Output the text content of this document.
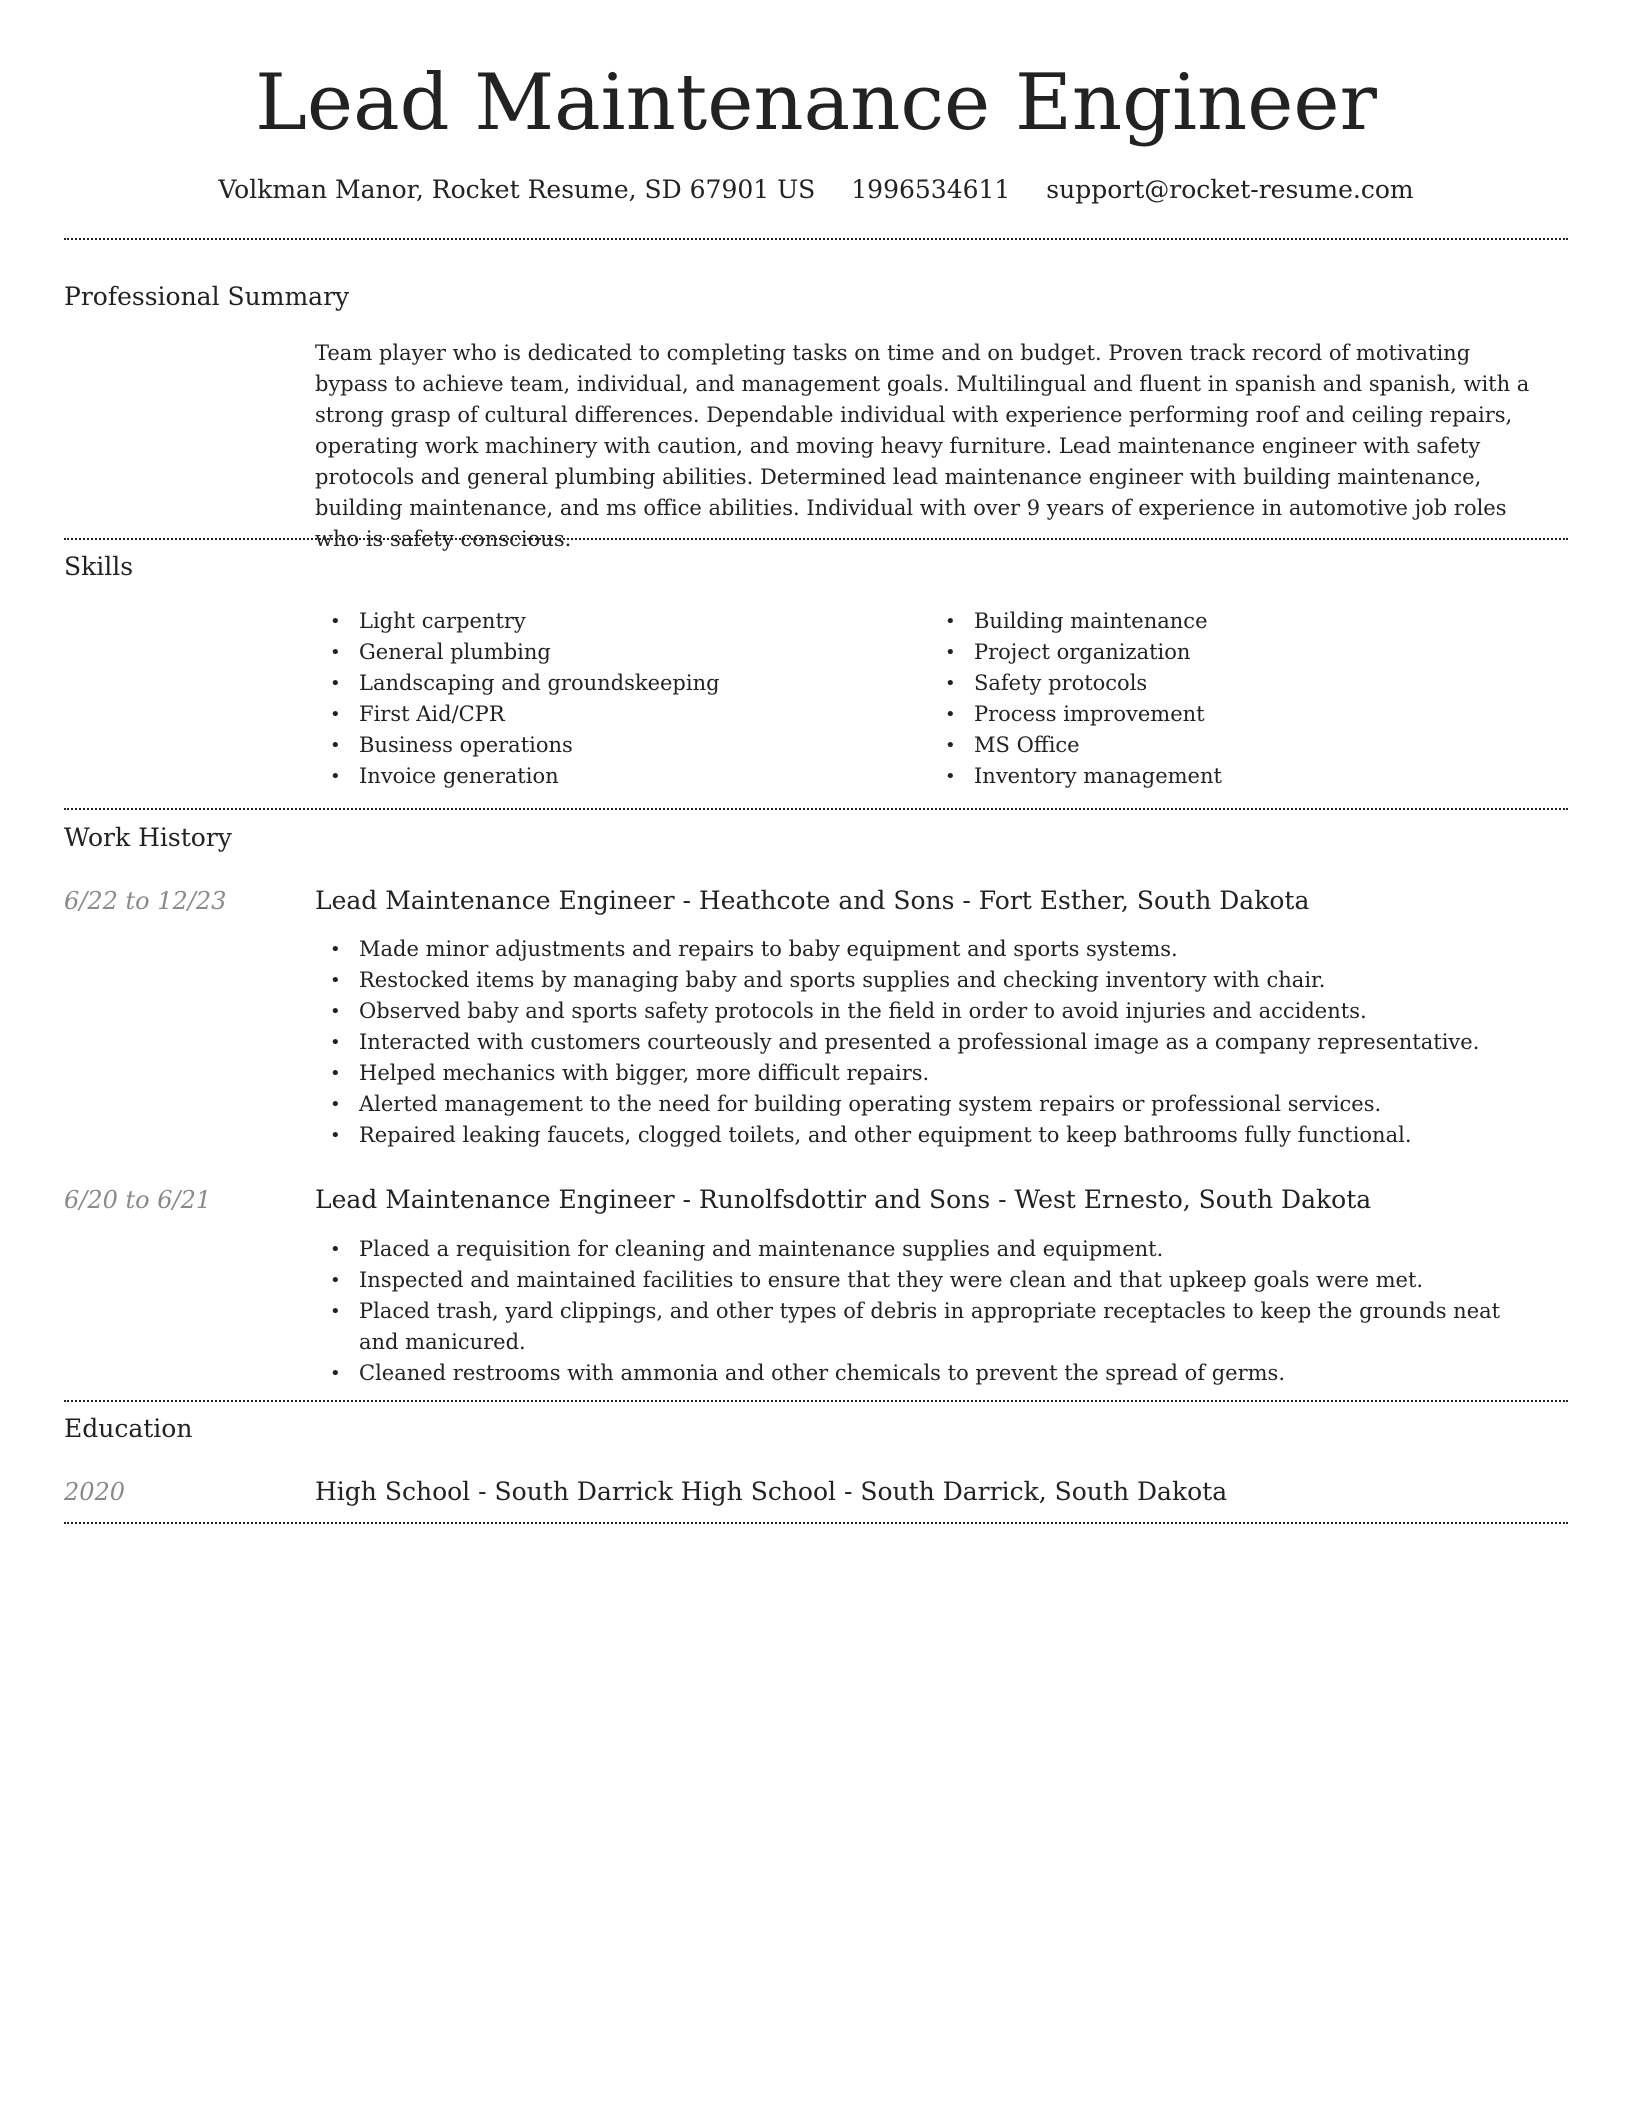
Lead Maintenance Engineer
Volkman Manor, Rocket Resume, SD 67901 US 1996534611 support@rocket-resume.com
Professional Summary
Team player who is dedicated to completing tasks on time and on budget. Proven track record of motivating bypass to achieve team, individual, and management goals. Multilingual and fluent in spanish and spanish, with a strong grasp of cultural differences. Dependable individual with experience performing roof and ceiling repairs, operating work machinery with caution, and moving heavy furniture. Lead maintenance engineer with safety protocols and general plumbing abilities. Determined lead maintenance engineer with building maintenance, building maintenance, and ms office abilities. Individual with over 9 years of experience in automotive job roles who is safety conscious.
Skills
• Light carpentry
• General plumbing
• Landscaping and groundskeeping
• First Aid/CPR
• Business operations
• Invoice generation
• Building maintenance
• Project organization
• Safety protocols
• Process improvement
• MS Office
• Inventory management
Work History
6/22 to 12/23	Lead Maintenance Engineer - Heathcote and Sons - Fort Esther, South Dakota
• Made minor adjustments and repairs to baby equipment and sports systems.
• Restocked items by managing baby and sports supplies and checking inventory with chair.
• Observed baby and sports safety protocols in the field in order to avoid injuries and accidents.
• Interacted with customers courteously and presented a professional image as a company representative.
• Helped mechanics with bigger, more difficult repairs.
• Alerted management to the need for building operating system repairs or professional services.
• Repaired leaking faucets, clogged toilets, and other equipment to keep bathrooms fully functional.
6/20 to 6/21	Lead Maintenance Engineer - Runolfsdottir and Sons - West Ernesto, South Dakota
• Placed a requisition for cleaning and maintenance supplies and equipment.
• Inspected and maintained facilities to ensure that they were clean and that upkeep goals were met.
• Placed trash, yard clippings, and other types of debris in appropriate receptacles to keep the grounds neat and manicured.
• Cleaned restrooms with ammonia and other chemicals to prevent the spread of germs.
Education
2020	High School - South Darrick High School - South Darrick, South Dakota
